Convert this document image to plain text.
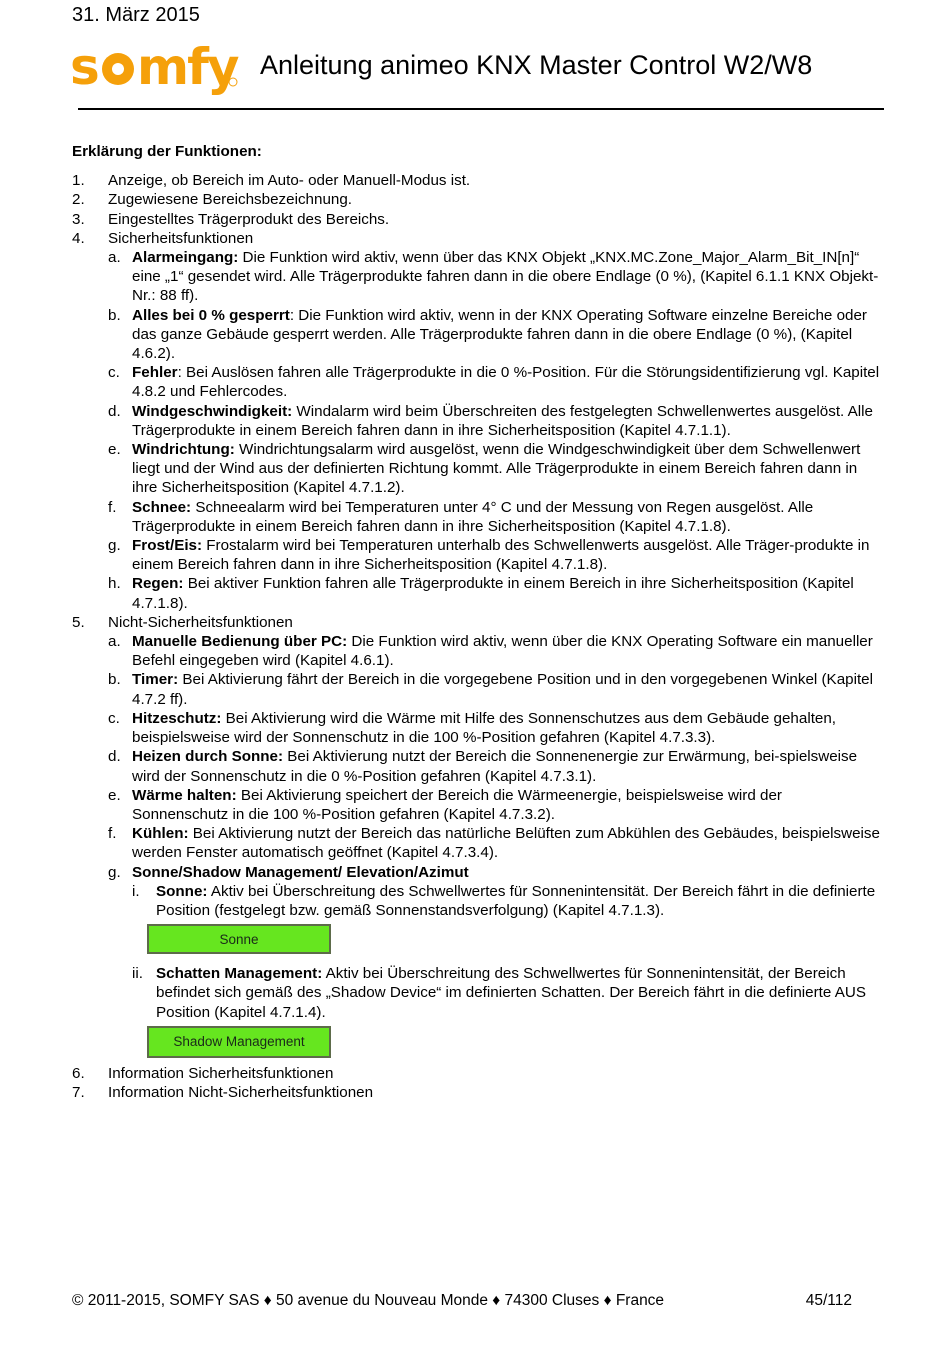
31. März 2015
s mfy Anleitung animeo KNX Master Control W2/W8
Erklärung der Funktionen:
1.	Anzeige, ob Bereich im Auto- oder Manuell-Modus ist.
2.	Zugewiesene Bereichsbezeichnung.
3.	Eingestelltes Trägerprodukt des Bereichs.
4.	Sicherheitsfunktionen
a. Alarmeingang: Die Funktion wird aktiv, wenn über das KNX Objekt „KNX.MC.Zone_Major_Alarm_Bit_IN[n]“ eine „1“ gesendet wird. Alle Trägerprodukte fahren dann in die obere Endlage (0 %), (Kapitel 6.1.1 KNX Objekt-Nr.: 88 ff).
b. Alles bei 0 % gesperrt: Die Funktion wird aktiv, wenn in der KNX Operating Software einzelne Bereiche oder das ganze Gebäude gesperrt werden. Alle Trägerprodukte fahren dann in die obere Endlage (0 %), (Kapitel 4.6.2).
c. Fehler: Bei Auslösen fahren alle Trägerprodukte in die 0 %-Position. Für die Störungsidentifizierung vgl. Kapitel 4.8.2 und Fehlercodes.
d. Windgeschwindigkeit: Windalarm wird beim Überschreiten des festgelegten Schwellenwertes ausgelöst. Alle Trägerprodukte in einem Bereich fahren dann in ihre Sicherheitsposition (Kapitel 4.7.1.1).
e. Windrichtung: Windrichtungsalarm wird ausgelöst, wenn die Windgeschwindigkeit über dem Schwellenwert liegt und der Wind aus der definierten Richtung kommt. Alle Trägerprodukte in einem Bereich fahren dann in ihre Sicherheitsposition (Kapitel 4.7.1.2).
f.	Schnee: Schneealarm wird bei Temperaturen unter 4° C und der Messung von Regen ausgelöst. Alle Trägerprodukte in einem Bereich fahren dann in ihre Sicherheitsposition (Kapitel 4.7.1.8).
g. Frost/Eis: Frostalarm wird bei Temperaturen unterhalb des Schwellenwerts ausgelöst. Alle Träger-produkte in einem Bereich fahren dann in ihre Sicherheitsposition (Kapitel 4.7.1.8).
h. Regen: Bei aktiver Funktion fahren alle Trägerprodukte in einem Bereich in ihre Sicherheitsposition (Kapitel 4.7.1.8).
5.	Nicht-Sicherheitsfunktionen
a. Manuelle Bedienung über PC: Die Funktion wird aktiv, wenn über die KNX Operating Software ein manueller Befehl eingegeben wird (Kapitel 4.6.1).
b. Timer: Bei Aktivierung fährt der Bereich in die vorgegebene Position und in den vorgegebenen Winkel (Kapitel 4.7.2 ff).
c. Hitzeschutz: Bei Aktivierung wird die Wärme mit Hilfe des Sonnenschutzes aus dem Gebäude gehalten, beispielsweise wird der Sonnenschutz in die 100 %-Position gefahren (Kapitel 4.7.3.3).
d. Heizen durch Sonne: Bei Aktivierung nutzt der Bereich die Sonnenenergie zur Erwärmung, bei-spielsweise wird der Sonnenschutz in die 0 %-Position gefahren (Kapitel 4.7.3.1).
e. Wärme halten: Bei Aktivierung speichert der Bereich die Wärmeenergie, beispielsweise wird der Sonnenschutz in die 100 %-Position gefahren (Kapitel 4.7.3.2).
f.	Kühlen: Bei Aktivierung nutzt der Bereich das natürliche Belüften zum Abkühlen des Gebäudes, beispielsweise werden Fenster automatisch geöffnet (Kapitel 4.7.3.4).
g. Sonne/Shadow Management/ Elevation/Azimut
i.	Sonne: Aktiv bei Überschreitung des Schwellwertes für Sonnenintensität. Der Bereich fährt in die definierte Position (festgelegt bzw. gemäß Sonnenstandsverfolgung) (Kapitel 4.7.1.3).
Sonne
ii. Schatten Management: Aktiv bei Überschreitung des Schwellwertes für Sonnenintensität, der Bereich befindet sich gemäß des „Shadow Device“ im definierten Schatten. Der Bereich fährt in die definierte AUS Position (Kapitel 4.7.1.4).
Shadow Management
6.	Information Sicherheitsfunktionen
7.	Information Nicht-Sicherheitsfunktionen
© 2011-2015, SOMFY SAS ♦ 50 avenue du Nouveau Monde ♦ 74300 Cluses ♦ France	45/112
